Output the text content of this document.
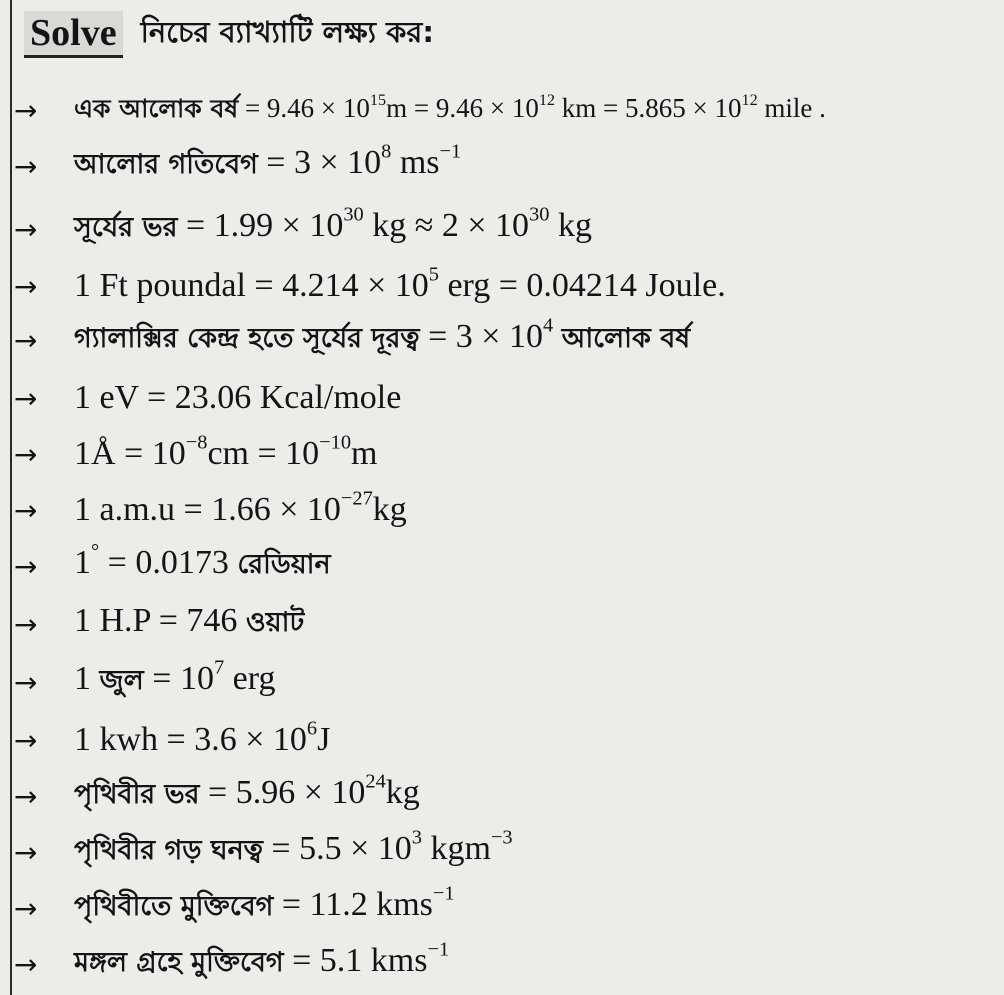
Solve নিচের ব্যাখ্যাটি লক্ষ্য কর:
→	এক আলোক বর্ষ = $9.46 \times 10^{15}m = 9.46 \times 10^{12}$ km = $5.865 \times 10^{12}$ mile .
→	আলোর গতিবেগ = $3 \times 10^8$ $ms^{-1}$
→	সূর্যের ভর = $1.99 \times 10^{30}$ kg ≈ $2 \times 10^{30}$ kg
→	1 Ft poundal = $4.214 \times 10^5$ erg = 0.04214 Joule.
→	গ্যালাক্সির কেন্দ্র হতে সূর্যের দূরত্ব = $3 \times 10^4$ আলোক বর্ষ
→	1 eV = 23.06 Kcal/mole
→	1Å = $10^{-8}cm = 10^{-10}m$
→	1 $a.m.u = 1.66 \times 10^{-27}kg$
→	1° = 0.0173 রেডিয়ান
→	1 H.P = 746 ওয়াট
→	1 জুল = $10^7$ erg
→	1 kwh = $3.6 \times 10^6J$
→	পৃথিবীর ভর = $5.96 \times 10^{24}kg$
→	পৃথিবীর গড় ঘনত্ব = $5.5 \times 10^3$ kgm$^{-3}$
→	পৃথিবীতে মুক্তিবেগ = 11.2 kms$^{-1}$
→	মঙ্গল গ্রহে মুক্তিবেগ = 5.1 kms$^{-1}$
